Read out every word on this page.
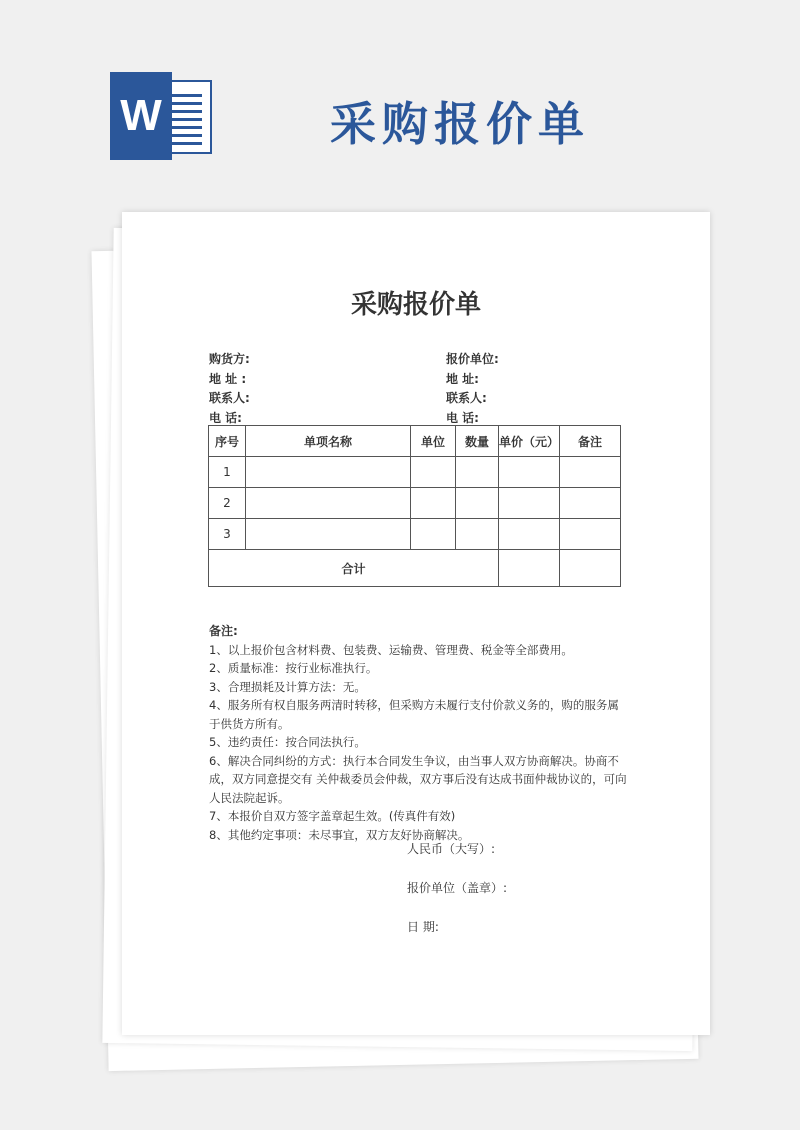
W	采购报价单
采购报价单
购货方:
地 址 :
联系人:
电 话:
报价单位:
地 址:
联系人:
电 话:
序号	单项名称	单位	数量	单价（元）	备注
1					
2					
3					
合计					

备注:

1、以上报价包含材料费、包装费、运输费、管理费、税金等全部费用。

2、质量标准：按行业标准执行。

3、合理损耗及计算方法：无。

4、服务所有权自服务两清时转移，但采购方未履行支付价款义务的，购的服务属于供货方所有。

5、违约责任：按合同法执行。

6、解决合同纠纷的方式：执行本合同发生争议，由当事人双方协商解决。协商不成，双方同意提交有 关仲裁委员会仲裁，双方事后没有达成书面仲裁协议的，可向人民法院起诉。

7、本报价自双方签字盖章起生效。(传真件有效)

8、其他约定事项：未尽事宜，双方友好协商解决。

人民币（大写）:
报价单位（盖章）:
日 期:
